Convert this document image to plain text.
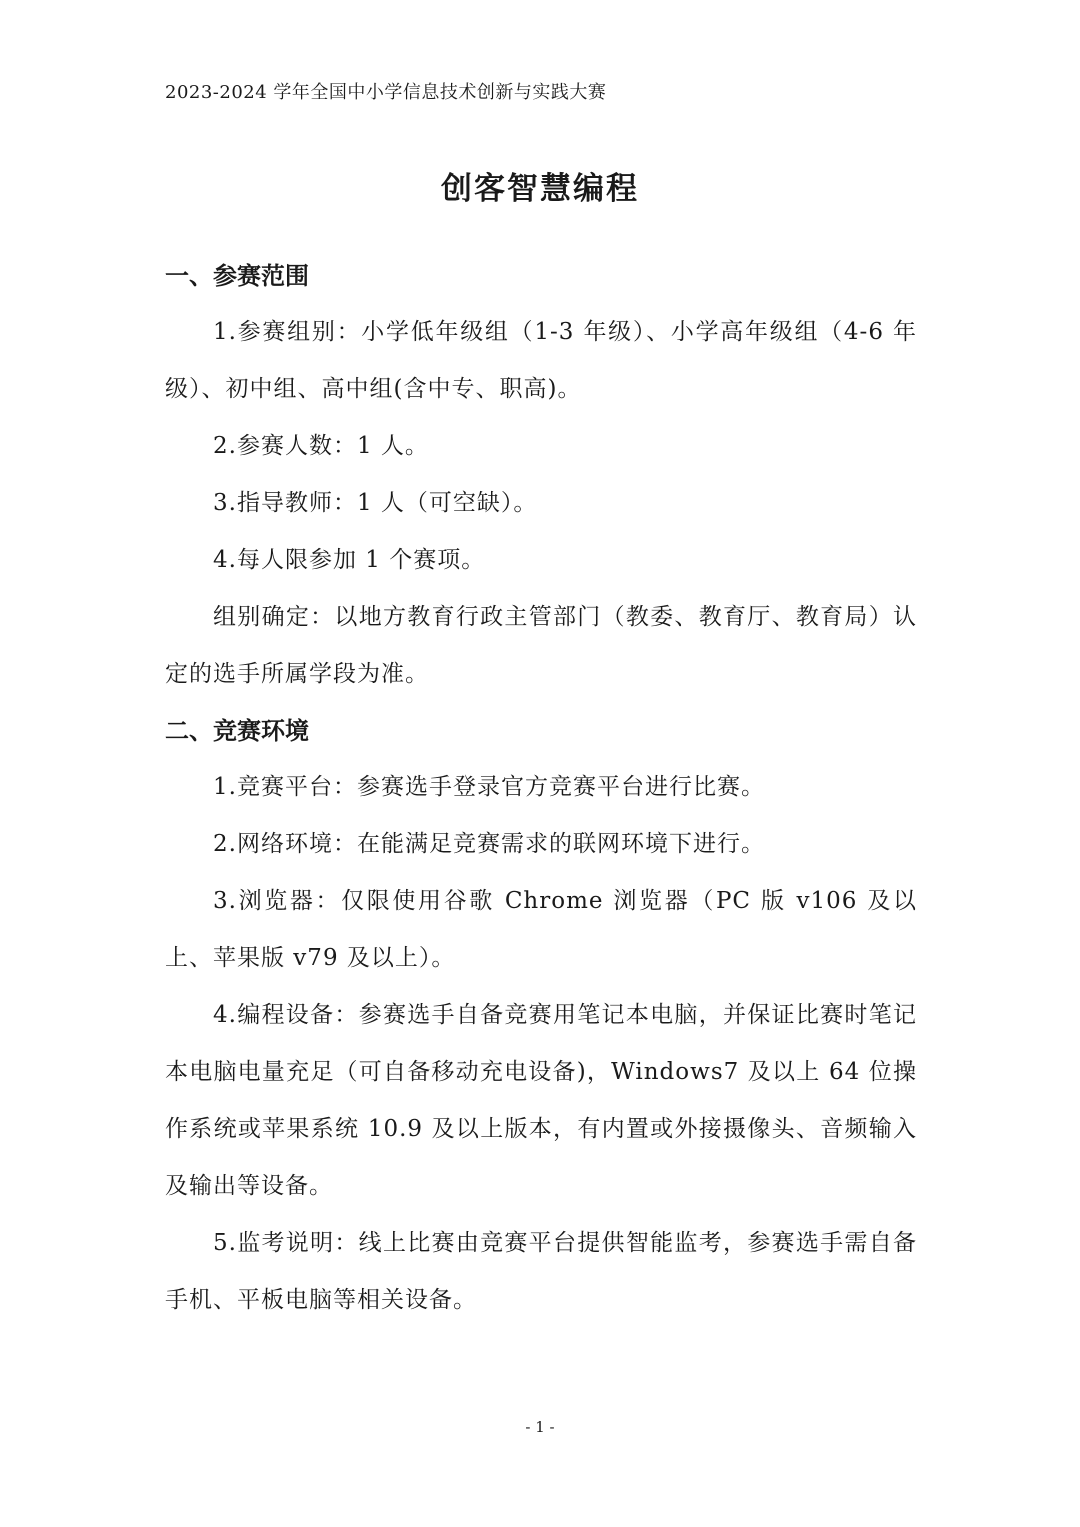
2023-2024 学年全国中小学信息技术创新与实践大赛
创客智慧编程
一、参赛范围

1.参赛组别：小学低年级组（1-3 年级）、小学高年级组（4-6 年级）、初中组、高中组(含中专、职高)。

2.参赛人数：1 人。

3.指导教师：1 人（可空缺）。

4.每人限参加 1 个赛项。

组别确定：以地方教育行政主管部门（教委、教育厅、教育局）认定的选手所属学段为准。

二、竞赛环境

1.竞赛平台：参赛选手登录官方竞赛平台进行比赛。

2.网络环境：在能满足竞赛需求的联网环境下进行。

3.浏览器：仅限使用谷歌 Chrome 浏览器（PC 版 v106 及以上、苹果版 v79 及以上）。

4.编程设备：参赛选手自备竞赛用笔记本电脑，并保证比赛时笔记本电脑电量充足（可自备移动充电设备)，Windows7 及以上 64 位操作系统或苹果系统 10.9 及以上版本，有内置或外接摄像头、音频输入及输出等设备。

5.监考说明：线上比赛由竞赛平台提供智能监考，参赛选手需自备手机、平板电脑等相关设备。

- 1 -
